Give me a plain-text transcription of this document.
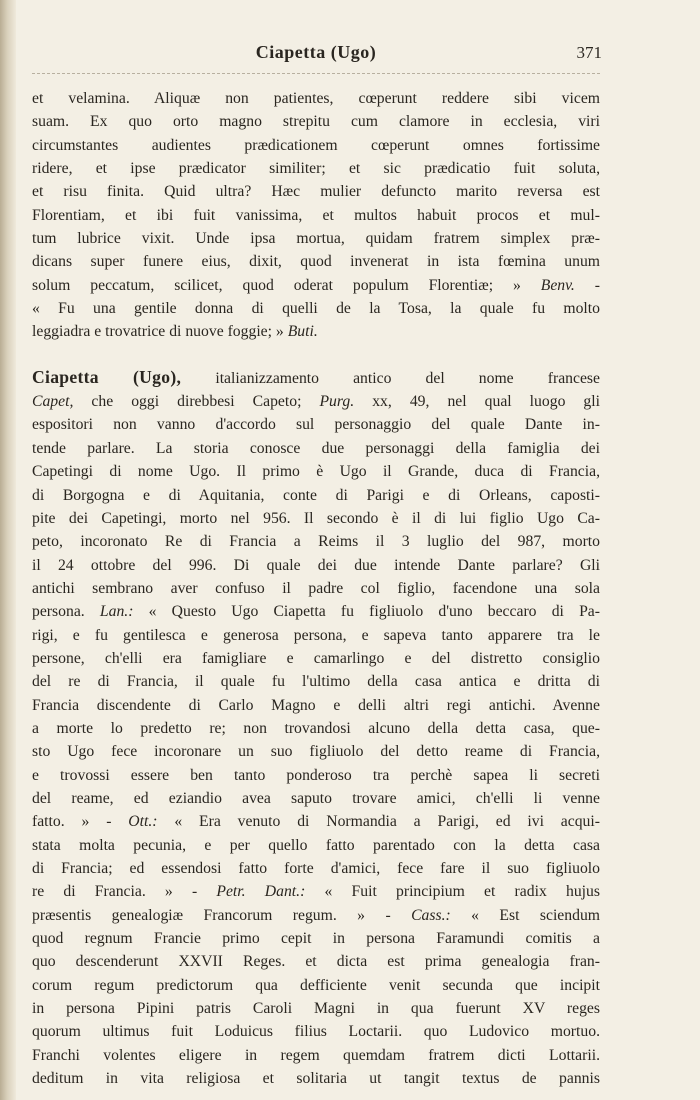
Ciapetta (Ugo)	371
et velamina. Aliquæ non patientes, cœperunt reddere sibi vicem
suam. Ex quo orto magno strepitu cum clamore in ecclesia, viri
circumstantes audientes prædicationem cœperunt omnes fortissime
ridere, et ipse prædicator similiter; et sic prædicatio fuit soluta,
et risu finita. Quid ultra? Hæc mulier defuncto marito reversa est
Florentiam, et ibi fuit vanissima, et multos habuit procos et mul-
tum lubrice vixit. Unde ipsa mortua, quidam fratrem simplex præ-
dicans super funere eius, dixit, quod invenerat in ista fœmina unum
solum peccatum, scilicet, quod oderat populum Florentiæ; » Benv. -
« Fu una gentile donna di quelli de la Tosa, la quale fu molto
leggiadra e trovatrice di nuove foggie; » Buti.
Ciapetta (Ugo), italianizzamento antico del nome francese
Capet, che oggi direbbesi Capeto; Purg. xx, 49, nel qual luogo gli
espositori non vanno d'accordo sul personaggio del quale Dante in-
tende parlare. La storia conosce due personaggi della famiglia dei
Capetingi di nome Ugo. Il primo è Ugo il Grande, duca di Francia,
di Borgogna e di Aquitania, conte di Parigi e di Orleans, caposti-
pite dei Capetingi, morto nel 956. Il secondo è il di lui figlio Ugo Ca-
peto, incoronato Re di Francia a Reims il 3 luglio del 987, morto
il 24 ottobre del 996. Di quale dei due intende Dante parlare? Gli
antichi sembrano aver confuso il padre col figlio, facendone una sola
persona. Lan.: « Questo Ugo Ciapetta fu figliuolo d'uno beccaro di Pa-
rigi, e fu gentilesca e generosa persona, e sapeva tanto apparere tra le
persone, ch'elli era famigliare e camarlingo e del distretto consiglio
del re di Francia, il quale fu l'ultimo della casa antica e dritta di
Francia discendente di Carlo Magno e delli altri regi antichi. Avenne
a morte lo predetto re; non trovandosi alcuno della detta casa, que-
sto Ugo fece incoronare un suo figliuolo del detto reame di Francia,
e trovossi essere ben tanto ponderoso tra perchè sapea li secreti
del reame, ed eziandio avea saputo trovare amici, ch'elli li venne
fatto. » - Ott.: « Era venuto di Normandia a Parigi, ed ivi acqui-
stata molta pecunia, e per quello fatto parentado con la detta casa
di Francia; ed essendosi fatto forte d'amici, fece fare il suo figliuolo
re di Francia. » - Petr. Dant.: « Fuit principium et radix hujus
præsentis genealogiæ Francorum regum. » - Cass.: « Est sciendum
quod regnum Francie primo cepit in persona Faramundi comitis a
quo descenderunt XXVII Reges. et dicta est prima genealogia fran-
corum regum predictorum qua defficiente venit secunda que incipit
in persona Pipini patris Caroli Magni in qua fuerunt XV reges
quorum ultimus fuit Loduicus filius Loctarii. quo Ludovico mortuo.
Franchi volentes eligere in regem quemdam fratrem dicti Lottarii.
deditum in vita religiosa et solitaria ut tangit textus de pannis
